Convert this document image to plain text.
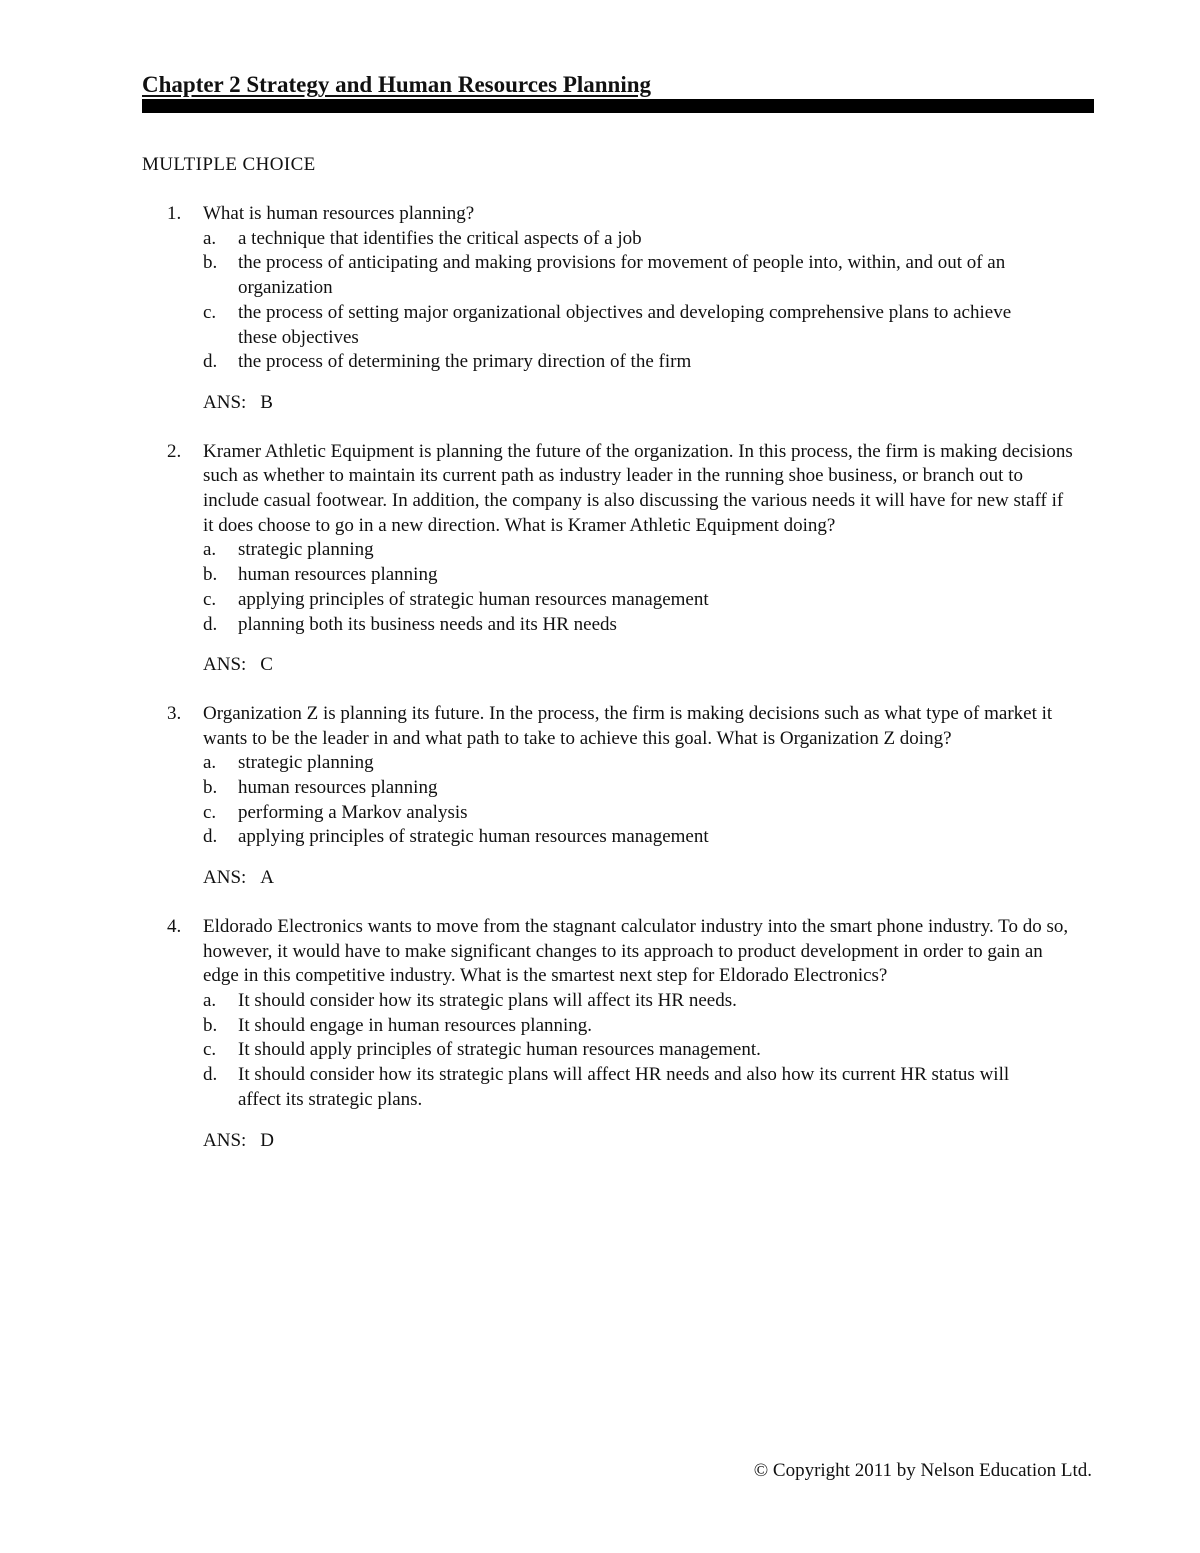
Chapter 2 Strategy and Human Resources Planning
MULTIPLE CHOICE
1. What is human resources planning?
a. a technique that identifies the critical aspects of a job
b. the process of anticipating and making provisions for movement of people into, within, and out of an organization
c. the process of setting major organizational objectives and developing comprehensive plans to achieve these objectives
d. the process of determining the primary direction of the firm
ANS: B
2. Kramer Athletic Equipment is planning the future of the organization. In this process, the firm is making decisions such as whether to maintain its current path as industry leader in the running shoe business, or branch out to include casual footwear. In addition, the company is also discussing the various needs it will have for new staff if it does choose to go in a new direction. What is Kramer Athletic Equipment doing?
a. strategic planning
b. human resources planning
c. applying principles of strategic human resources management
d. planning both its business needs and its HR needs
ANS: C
3. Organization Z is planning its future. In the process, the firm is making decisions such as what type of market it wants to be the leader in and what path to take to achieve this goal. What is Organization Z doing?
a. strategic planning
b. human resources planning
c. performing a Markov analysis
d. applying principles of strategic human resources management
ANS: A
4. Eldorado Electronics wants to move from the stagnant calculator industry into the smart phone industry. To do so, however, it would have to make significant changes to its approach to product development in order to gain an edge in this competitive industry. What is the smartest next step for Eldorado Electronics?
a. It should consider how its strategic plans will affect its HR needs.
b. It should engage in human resources planning.
c. It should apply principles of strategic human resources management.
d. It should consider how its strategic plans will affect HR needs and also how its current HR status will affect its strategic plans.
ANS: D
© Copyright 2011 by Nelson Education Ltd.
